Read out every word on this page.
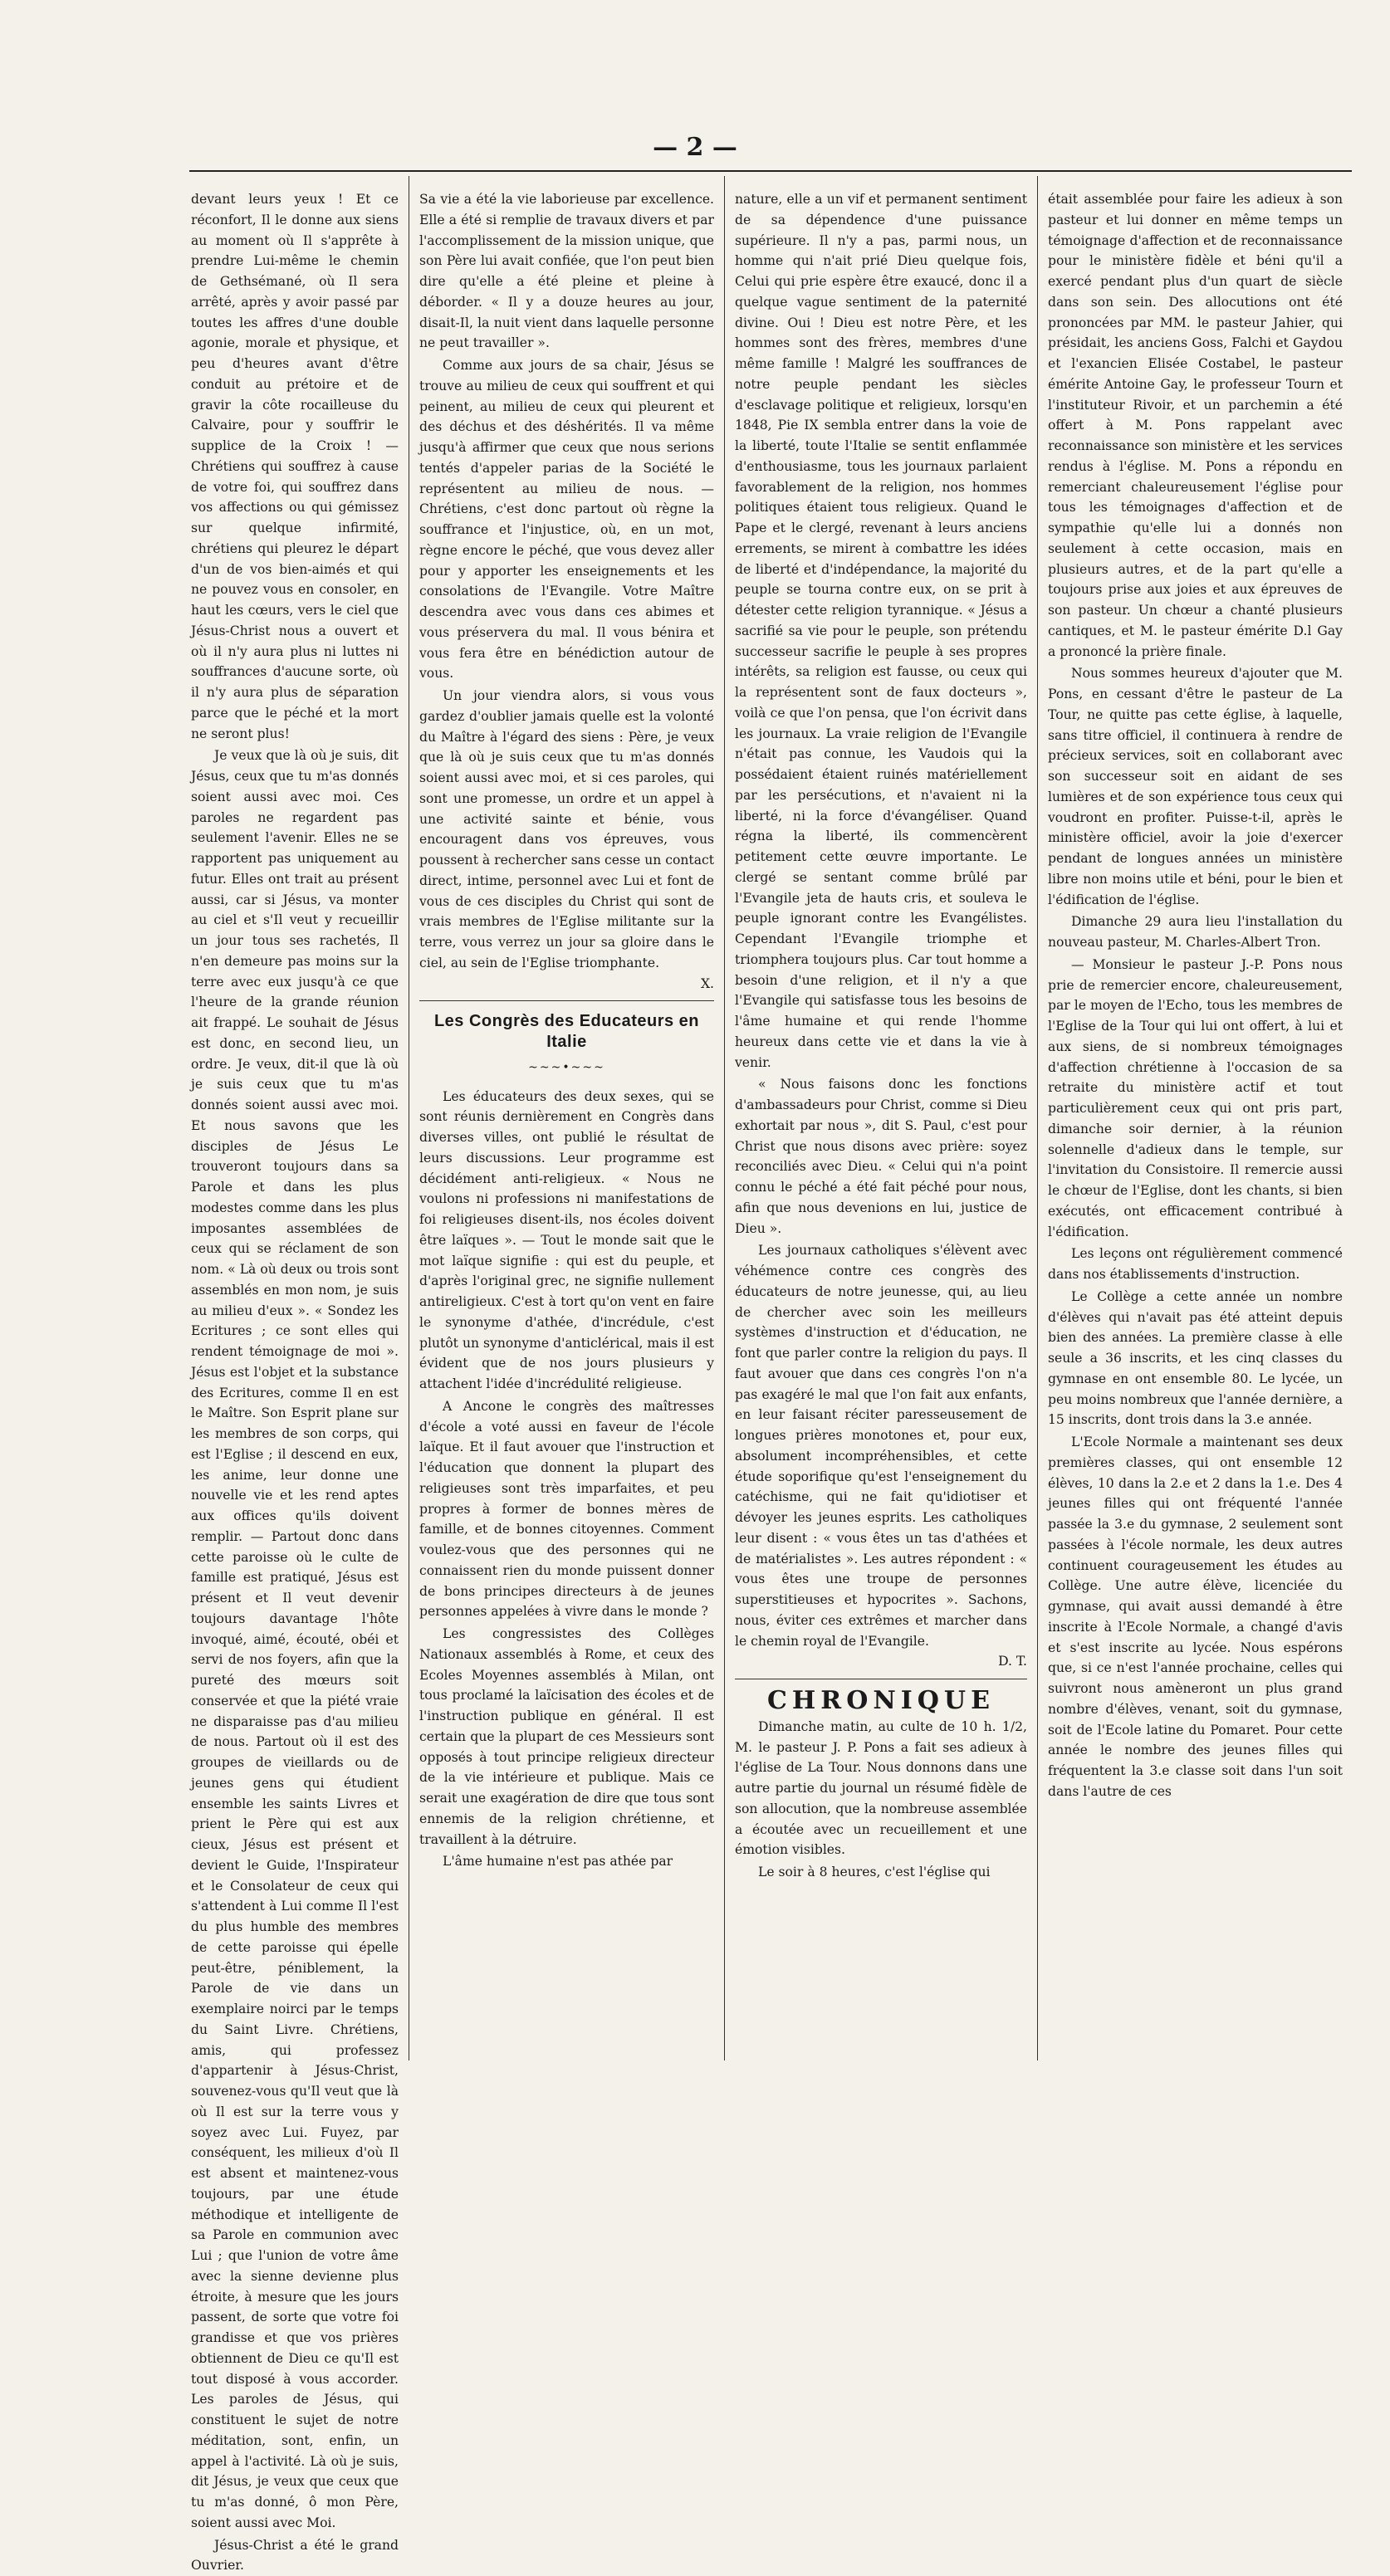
— 2 —

devant leurs yeux ! Et ce réconfort, Il le donne aux siens au moment où Il s'apprête à prendre Lui-même le chemin de Gethsémané, où Il sera arrêté, après y avoir passé par toutes les affres d'une double agonie, morale et physique, et peu d'heures avant d'être conduit au prétoire et de gravir la côte rocailleuse du Calvaire, pour y souffrir le supplice de la Croix ! — Chrétiens qui souffrez à cause de votre foi, qui souffrez dans vos affections ou qui gémissez sur quelque infirmité, chrétiens qui pleurez le départ d'un de vos bien-aimés et qui ne pouvez vous en consoler, en haut les cœurs, vers le ciel que Jésus-Christ nous a ouvert et où il n'y aura plus ni luttes ni souffrances d'aucune sorte, où il n'y aura plus de séparation parce que le péché et la mort ne seront plus!

Je veux que là où je suis, dit Jésus, ceux que tu m'as donnés soient aussi avec moi. Ces paroles ne regardent pas seulement l'avenir. Elles ne se rapportent pas uniquement au futur. Elles ont trait au présent aussi, car si Jésus, va monter au ciel et s'Il veut y recueillir un jour tous ses rachetés, Il n'en demeure pas moins sur la terre avec eux jusqu'à ce que l'heure de la grande réunion ait frappé. Le souhait de Jésus est donc, en second lieu, un ordre. Je veux, dit-il que là où je suis ceux que tu m'as donnés soient aussi avec moi. Et nous savons que les disciples de Jésus Le trouveront toujours dans sa Parole et dans les plus modestes comme dans les plus imposantes assemblées de ceux qui se réclament de son nom. « Là où deux ou trois sont assemblés en mon nom, je suis au milieu d'eux ». « Sondez les Ecritures ; ce sont elles qui rendent témoignage de moi ». Jésus est l'objet et la substance des Ecritures, comme Il en est le Maître. Son Esprit plane sur les membres de son corps, qui est l'Eglise ; il descend en eux, les anime, leur donne une nouvelle vie et les rend aptes aux offices qu'ils doivent remplir. — Partout donc dans cette paroisse où le culte de famille est pratiqué, Jésus est présent et Il veut devenir toujours davantage l'hôte invoqué, aimé, écouté, obéi et servi de nos foyers, afin que la pureté des mœurs soit conservée et que la piété vraie ne disparaisse pas d'au milieu de nous. Partout où il est des groupes de vieillards ou de jeunes gens qui étudient ensemble les saints Livres et prient le Père qui est aux cieux, Jésus est présent et devient le Guide, l'Inspirateur et le Consolateur de ceux qui s'attendent à Lui comme Il l'est du plus humble des membres de cette paroisse qui épelle peut-être, péniblement, la Parole de vie dans un exemplaire noirci par le temps du Saint Livre. Chrétiens, amis, qui professez d'appartenir à Jésus-Christ, souvenez-vous qu'Il veut que là où Il est sur la terre vous y soyez avec Lui. Fuyez, par conséquent, les milieux d'où Il est absent et maintenez-vous toujours, par une étude méthodique et intelligente de sa Parole en communion avec Lui ; que l'union de votre âme avec la sienne devienne plus étroite, à mesure que les jours passent, de sorte que votre foi grandisse et que vos prières obtiennent de Dieu ce qu'Il est tout disposé à vous accorder. Les paroles de Jésus, qui constituent le sujet de notre méditation, sont, enfin, un appel à l'activité. Là où je suis, dit Jésus, je veux que ceux que tu m'as donné, ô mon Père, soient aussi avec Moi.

Jésus-Christ a été le grand Ouvrier.

Sa vie a été la vie laborieuse par excellence. Elle a été si remplie de travaux divers et par l'accomplissement de la mission unique, que son Père lui avait confiée, que l'on peut bien dire qu'elle a été pleine et pleine à déborder. « Il y a douze heures au jour, disait-Il, la nuit vient dans laquelle personne ne peut travailler ».

Comme aux jours de sa chair, Jésus se trouve au milieu de ceux qui souffrent et qui peinent, au milieu de ceux qui pleurent et des déchus et des déshérités. Il va même jusqu'à affirmer que ceux que nous serions tentés d'appeler parias de la Société le représentent au milieu de nous. — Chrétiens, c'est donc partout où règne la souffrance et l'injustice, où, en un mot, règne encore le péché, que vous devez aller pour y apporter les enseignements et les consolations de l'Evangile. Votre Maître descendra avec vous dans ces abimes et vous préservera du mal. Il vous bénira et vous fera être en bénédiction autour de vous.

Un jour viendra alors, si vous vous gardez d'oublier jamais quelle est la volonté du Maître à l'égard des siens : Père, je veux que là où je suis ceux que tu m'as donnés soient aussi avec moi, et si ces paroles, qui sont une promesse, un ordre et un appel à une activité sainte et bénie, vous encouragent dans vos épreuves, vous poussent à rechercher sans cesse un contact direct, intime, personnel avec Lui et font de vous de ces disciples du Christ qui sont de vrais membres de l'Eglise militante sur la terre, vous verrez un jour sa gloire dans le ciel, au sein de l'Eglise triomphante.

X.
Les Congrès des Educateurs en Italie
~~~•~~~

Les éducateurs des deux sexes, qui se sont réunis dernièrement en Congrès dans diverses villes, ont publié le résultat de leurs discussions. Leur programme est décidément anti-religieux. « Nous ne voulons ni professions ni manifestations de foi religieuses disent-ils, nos écoles doivent être laïques ». — Tout le monde sait que le mot laïque signifie : qui est du peuple, et d'après l'original grec, ne signifie nullement antireligieux. C'est à tort qu'on vent en faire le synonyme d'athée, d'incrédule, c'est plutôt un synonyme d'anticlérical, mais il est évident que de nos jours plusieurs y attachent l'idée d'incrédulité religieuse.

A Ancone le congrès des maîtresses d'école a voté aussi en faveur de l'école laïque. Et il faut avouer que l'instruction et l'éducation que donnent la plupart des religieuses sont très imparfaites, et peu propres à former de bonnes mères de famille, et de bonnes citoyennes. Comment voulez-vous que des personnes qui ne connaissent rien du monde puissent donner de bons principes directeurs à de jeunes personnes appelées à vivre dans le monde ?

Les congressistes des Collèges Nationaux assemblés à Rome, et ceux des Ecoles Moyennes assemblés à Milan, ont tous proclamé la laïcisation des écoles et de l'instruction publique en général. Il est certain que la plupart de ces Messieurs sont opposés à tout principe religieux directeur de la vie intérieure et publique. Mais ce serait une exagération de dire que tous sont ennemis de la religion chrétienne, et travaillent à la détruire.

L'âme humaine n'est pas athée par

nature, elle a un vif et permanent sentiment de sa dépendence d'une puissance supérieure. Il n'y a pas, parmi nous, un homme qui n'ait prié Dieu quelque fois, Celui qui prie espère être exaucé, donc il a quelque vague sentiment de la paternité divine. Oui ! Dieu est notre Père, et les hommes sont des frères, membres d'une même famille ! Malgré les souffrances de notre peuple pendant les siècles d'esclavage politique et religieux, lorsqu'en 1848, Pie IX sembla entrer dans la voie de la liberté, toute l'Italie se sentit enflammée d'enthousiasme, tous les journaux parlaient favorablement de la religion, nos hommes politiques étaient tous religieux. Quand le Pape et le clergé, revenant à leurs anciens errements, se mirent à combattre les idées de liberté et d'indépendance, la majorité du peuple se tourna contre eux, on se prit à détester cette religion tyrannique. « Jésus a sacrifié sa vie pour le peuple, son prétendu successeur sacrifie le peuple à ses propres intérêts, sa religion est fausse, ou ceux qui la représentent sont de faux docteurs », voilà ce que l'on pensa, que l'on écrivit dans les journaux. La vraie religion de l'Evangile n'était pas connue, les Vaudois qui la possédaient étaient ruinés matériellement par les persécutions, et n'avaient ni la liberté, ni la force d'évangéliser. Quand régna la liberté, ils commencèrent petitement cette œuvre importante. Le clergé se sentant comme brûlé par l'Evangile jeta de hauts cris, et souleva le peuple ignorant contre les Evangélistes. Cependant l'Evangile triomphe et triomphera toujours plus. Car tout homme a besoin d'une religion, et il n'y a que l'Evangile qui satisfasse tous les besoins de l'âme humaine et qui rende l'homme heureux dans cette vie et dans la vie à venir.

« Nous faisons donc les fonctions d'ambassadeurs pour Christ, comme si Dieu exhortait par nous », dit S. Paul, c'est pour Christ que nous disons avec prière: soyez reconciliés avec Dieu. « Celui qui n'a point connu le péché a été fait péché pour nous, afin que nous devenions en lui, justice de Dieu ».

Les journaux catholiques s'élèvent avec véhémence contre ces congrès des éducateurs de notre jeunesse, qui, au lieu de chercher avec soin les meilleurs systèmes d'instruction et d'éducation, ne font que parler contre la religion du pays. Il faut avouer que dans ces congrès l'on n'a pas exagéré le mal que l'on fait aux enfants, en leur faisant réciter paresseusement de longues prières monotones et, pour eux, absolument incompréhensibles, et cette étude soporifique qu'est l'enseignement du catéchisme, qui ne fait qu'idiotiser et dévoyer les jeunes esprits. Les catholiques leur disent : « vous êtes un tas d'athées et de matérialistes ». Les autres répondent : « vous êtes une troupe de personnes superstitieuses et hypocrites ». Sachons, nous, éviter ces extrêmes et marcher dans le chemin royal de l'Evangile.

D. T.
CHRONIQUE

Dimanche matin, au culte de 10 h. 1/2, M. le pasteur J. P. Pons a fait ses adieux à l'église de La Tour. Nous donnons dans une autre partie du journal un résumé fidèle de son allocution, que la nombreuse assemblée a écoutée avec un recueillement et une émotion visibles.

Le soir à 8 heures, c'est l'église qui

était assemblée pour faire les adieux à son pasteur et lui donner en même temps un témoignage d'affection et de reconnaissance pour le ministère fidèle et béni qu'il a exercé pendant plus d'un quart de siècle dans son sein. Des allocutions ont été prononcées par MM. le pasteur Jahier, qui présidait, les anciens Goss, Falchi et Gaydou et l'exancien Elisée Costabel, le pasteur émérite Antoine Gay, le professeur Tourn et l'instituteur Rivoir, et un parchemin a été offert à M. Pons rappelant avec reconnaissance son ministère et les services rendus à l'église. M. Pons a répondu en remerciant chaleureusement l'église pour tous les témoignages d'affection et de sympathie qu'elle lui a donnés non seulement à cette occasion, mais en plusieurs autres, et de la part qu'elle a toujours prise aux joies et aux épreuves de son pasteur. Un chœur a chanté plusieurs cantiques, et M. le pasteur émérite D.l Gay a prononcé la prière finale.

Nous sommes heureux d'ajouter que M. Pons, en cessant d'être le pasteur de La Tour, ne quitte pas cette église, à laquelle, sans titre officiel, il continuera à rendre de précieux services, soit en collaborant avec son successeur soit en aidant de ses lumières et de son expérience tous ceux qui voudront en profiter. Puisse-t-il, après le ministère officiel, avoir la joie d'exercer pendant de longues années un ministère libre non moins utile et béni, pour le bien et l'édification de l'église.

Dimanche 29 aura lieu l'installation du nouveau pasteur, M. Charles-Albert Tron.

— Monsieur le pasteur J.-P. Pons nous prie de remercier encore, chaleureusement, par le moyen de l'Echo, tous les membres de l'Eglise de la Tour qui lui ont offert, à lui et aux siens, de si nombreux témoignages d'affection chrétienne à l'occasion de sa retraite du ministère actif et tout particulièrement ceux qui ont pris part, dimanche soir dernier, à la réunion solennelle d'adieux dans le temple, sur l'invitation du Consistoire. Il remercie aussi le chœur de l'Eglise, dont les chants, si bien exécutés, ont efficacement contribué à l'édification.

Les leçons ont régulièrement commencé dans nos établissements d'instruction.

Le Collège a cette année un nombre d'élèves qui n'avait pas été atteint depuis bien des années. La première classe à elle seule a 36 inscrits, et les cinq classes du gymnase en ont ensemble 80. Le lycée, un peu moins nombreux que l'année dernière, a 15 inscrits, dont trois dans la 3.e année.

L'Ecole Normale a maintenant ses deux premières classes, qui ont ensemble 12 élèves, 10 dans la 2.e et 2 dans la 1.e. Des 4 jeunes filles qui ont fréquenté l'année passée la 3.e du gymnase, 2 seulement sont passées à l'école normale, les deux autres continuent courageusement les études au Collège. Une autre élève, licenciée du gymnase, qui avait aussi demandé à être inscrite à l'Ecole Normale, a changé d'avis et s'est inscrite au lycée. Nous espérons que, si ce n'est l'année prochaine, celles qui suivront nous amèneront un plus grand nombre d'élèves, venant, soit du gymnase, soit de l'Ecole latine du Pomaret. Pour cette année le nombre des jeunes filles qui fréquentent la 3.e classe soit dans l'un soit dans l'autre de ces
